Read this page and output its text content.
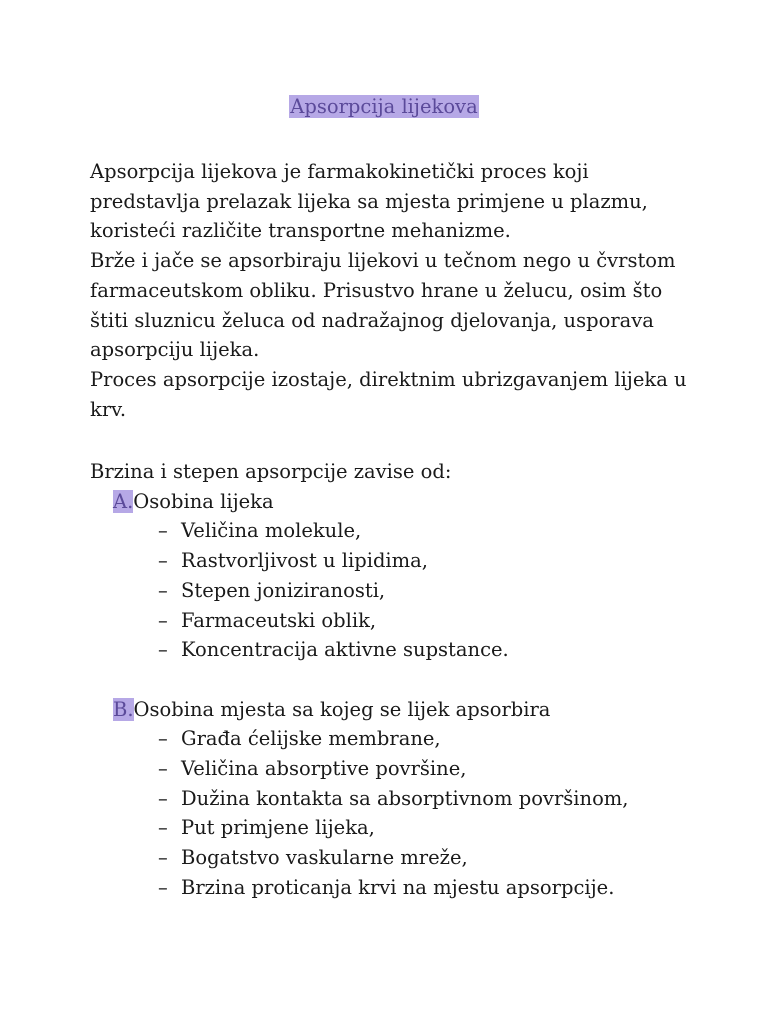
Apsorpcija lijekova

Apsorpcija lijekova je farmakokinetički proces koji predstavlja prelazak lijeka sa mjesta primjene u plazmu, koristeći različite transportne mehanizme.

Brže i jače se apsorbiraju lijekovi u tečnom nego u čvrstom farmaceutskom obliku. Prisustvo hrane u želucu, osim što štiti sluznicu želuca od nadražajnog djelovanja, usporava apsorpciju lijeka.

Proces apsorpcije izostaje, direktnim ubrizgavanjem lijeka u krv.

Brzina i stepen apsorpcije zavise od:

A.Osobina lijeka

– Veličina molekule,
– Rastvorljivost u lipidima,
– Stepen joniziranosti,
– Farmaceutski oblik,
– Koncentracija aktivne supstance.

B.Osobina mjesta sa kojeg se lijek apsorbira

– Građa ćelijske membrane,
– Veličina absorptive površine,
– Dužina kontakta sa absorptivnom površinom,
– Put primjene lijeka,
– Bogatstvo vaskularne mreže,
– Brzina proticanja krvi na mjestu apsorpcije.
